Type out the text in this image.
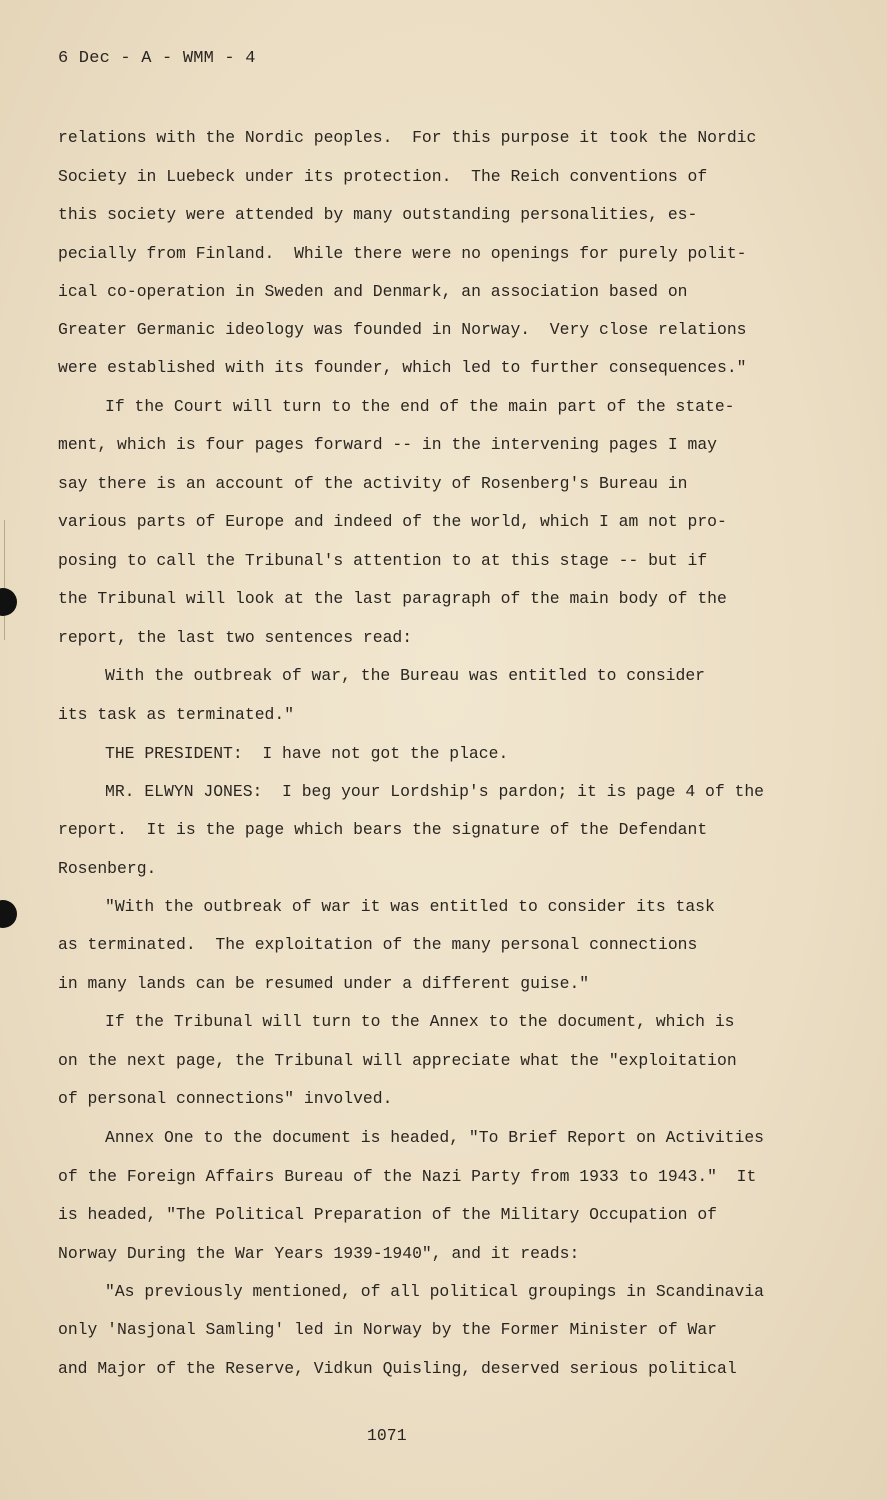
6 Dec - A - WMM - 4
relations with the Nordic peoples.  For this purpose it took the Nordic
Society in Luebeck under its protection.  The Reich conventions of
this society were attended by many outstanding personalities, es-
pecially from Finland.  While there were no openings for purely polit-
ical co-operation in Sweden and Denmark, an association based on
Greater Germanic ideology was founded in Norway.  Very close relations
were established with its founder, which led to further consequences."
If the Court will turn to the end of the main part of the state-
ment, which is four pages forward -- in the intervening pages I may
say there is an account of the activity of Rosenberg's Bureau in
various parts of Europe and indeed of the world, which I am not pro-
posing to call the Tribunal's attention to at this stage -- but if
the Tribunal will look at the last paragraph of the main body of the
report, the last two sentences read:
With the outbreak of war, the Bureau was entitled to consider
its task as terminated."
THE PRESIDENT:  I have not got the place.
MR. ELWYN JONES:  I beg your Lordship's pardon; it is page 4 of the
report.  It is the page which bears the signature of the Defendant
Rosenberg.
"With the outbreak of war it was entitled to consider its task
as terminated.  The exploitation of the many personal connections
in many lands can be resumed under a different guise."
If the Tribunal will turn to the Annex to the document, which is
on the next page, the Tribunal will appreciate what the "exploitation
of personal connections" involved.
Annex One to the document is headed, "To Brief Report on Activities
of the Foreign Affairs Bureau of the Nazi Party from 1933 to 1943."  It
is headed, "The Political Preparation of the Military Occupation of
Norway During the War Years 1939-1940", and it reads:
"As previously mentioned, of all political groupings in Scandinavia
only 'Nasjonal Samling' led in Norway by the Former Minister of War
and Major of the Reserve, Vidkun Quisling, deserved serious political
1071
